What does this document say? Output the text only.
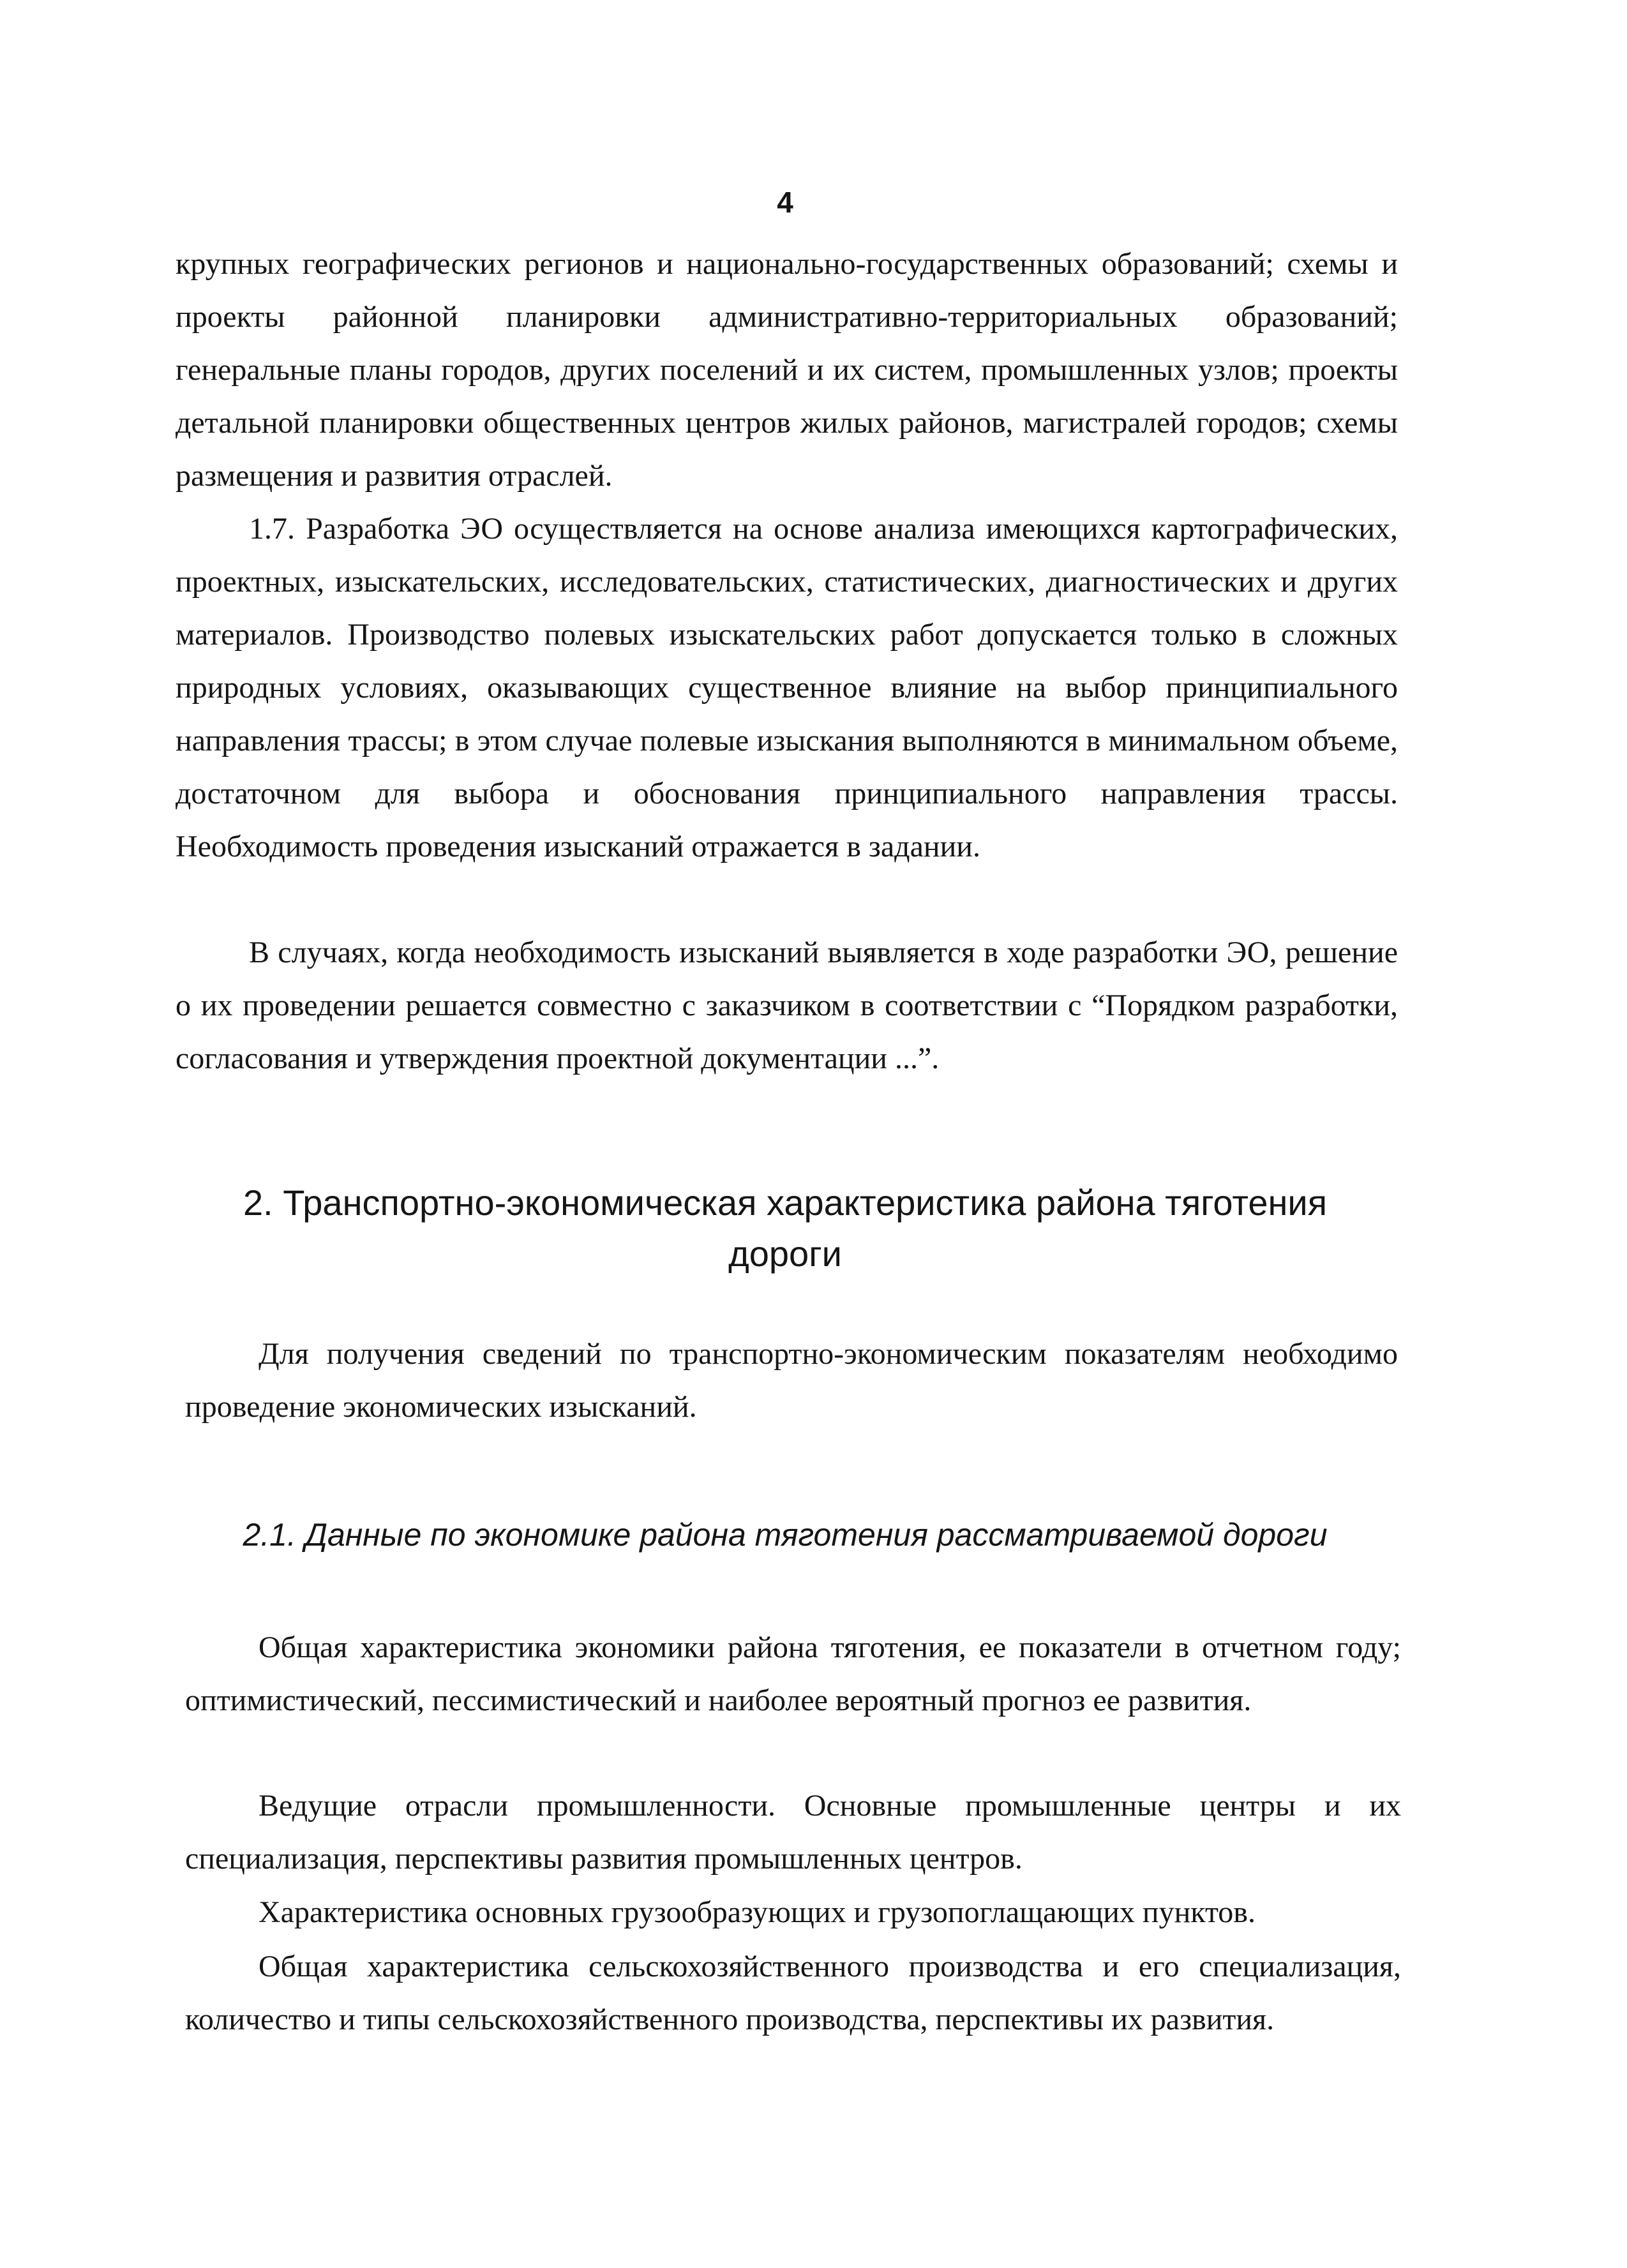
4

крупных географических регионов и национально-государственных образований; схемы и проекты районной планировки административно-территориальных образований; генеральные планы городов, других поселений и их систем, промышленных узлов; проекты детальной планировки общественных центров жилых районов, магистралей городов; схемы размещения и развития отраслей.

1.7. Разработка ЭО осуществляется на основе анализа имеющихся картографических, проектных, изыскательских, исследовательских, статистических, диагностических и других материалов. Производство полевых изыскательских работ допускается только в сложных природных условиях, оказывающих существенное влияние на выбор принципиального направления трассы; в этом случае полевые изыскания выполняются в минимальном объеме, достаточном для выбора и обоснования принципиального направления трассы. Необходимость проведения изысканий отражается в задании.

В случаях, когда необходимость изысканий выявляется в ходе разработки ЭО, решение о их проведении решается совместно с заказчиком в соответствии с “Порядком разработки, согласования и утверждения проектной документации ...”.

2. Транспортно-экономическая характеристика района тяготения дороги

Для получения сведений по транспортно-экономическим показателям необходимо проведение экономических изысканий.

2.1. Данные по экономике района тяготения рассматриваемой дороги

Общая характеристика экономики района тяготения, ее показатели в отчетном году; оптимистический, пессимистический и наиболее вероятный прогноз ее развития.

Ведущие отрасли промышленности. Основные промышленные центры и их специализация, перспективы развития промышленных центров.

Характеристика основных грузообразующих и грузопоглащающих пунктов.

Общая характеристика сельскохозяйственного производства и его специализация, количество и типы сельскохозяйственного производства, перспективы их развития.
